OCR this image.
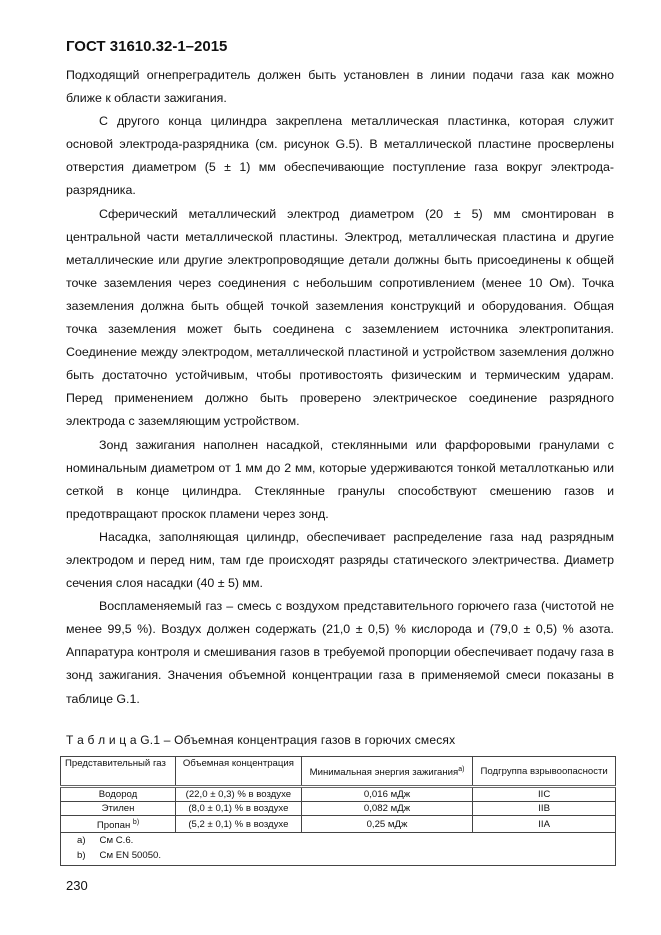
ГОСТ 31610.32-1–2015

Подходящий огнепреградитель должен быть установлен в линии подачи газа как можно ближе к области зажигания.

С другого конца цилиндра закреплена металлическая пластинка, которая служит основой электрода-разрядника (см. рисунок G.5). В металлической пластине просверлены отверстия диаметром (5 ± 1) мм обеспечивающие поступление газа вокруг электрода-разрядника.

Сферический металлический электрод диаметром (20 ± 5) мм смонтирован в центральной части металлической пластины. Электрод, металлическая пластина и другие металлические или другие электропроводящие детали должны быть присоединены к общей точке заземления через соединения с небольшим сопротивлением (менее 10 Ом). Точка заземления должна быть общей точкой заземления конструкций и оборудования. Общая точка заземления может быть соединена с заземлением источника электропитания. Соединение между электродом, металлической пластиной и устройством заземления должно быть достаточно устойчивым, чтобы противостоять физическим и термическим ударам. Перед применением должно быть проверено электрическое соединение разрядного электрода с заземляющим устройством.

Зонд зажигания наполнен насадкой, стеклянными или фарфоровыми гранулами с номинальным диаметром от 1 мм до 2 мм, которые удерживаются тонкой металлотканью или сеткой в конце цилиндра. Стеклянные гранулы способствуют смешению газов и предотвращают проскок пламени через зонд.

Насадка, заполняющая цилиндр, обеспечивает распределение газа над разрядным электродом и перед ним, там где происходят разряды статического электричества. Диаметр сечения слоя насадки (40 ± 5) мм.

Воспламеняемый газ – смесь с воздухом представительного горючего газа (чистотой не менее 99,5 %). Воздух должен содержать (21,0 ± 0,5) % кислорода и (79,0 ± 0,5) % азота. Аппаратура контроля и смешивания газов в требуемой пропорции обеспечивает подачу газа в зонд зажигания. Значения объемной концентрации газа в применяемой смеси показаны в таблице G.1.

Т а б л и ц а G.1 – Объемная концентрация газов в горючих смесях
Представительный газ	Объемная концентрация	Минимальная энергия зажигания$^{a)}$	Подгруппа взрывоопасности
Водород	(22,0 ± 0,3) % в воздухе	0,016 мДж	IIC
Этилен	(8,0 ± 0,1) % в воздухе	0,082 мДж	IIB
Пропан $^{b)}$	(5,2 ± 0,1) % в воздухе	0,25 мДж	IIA

a) См С.6.
b) См EN 50050.			
230
